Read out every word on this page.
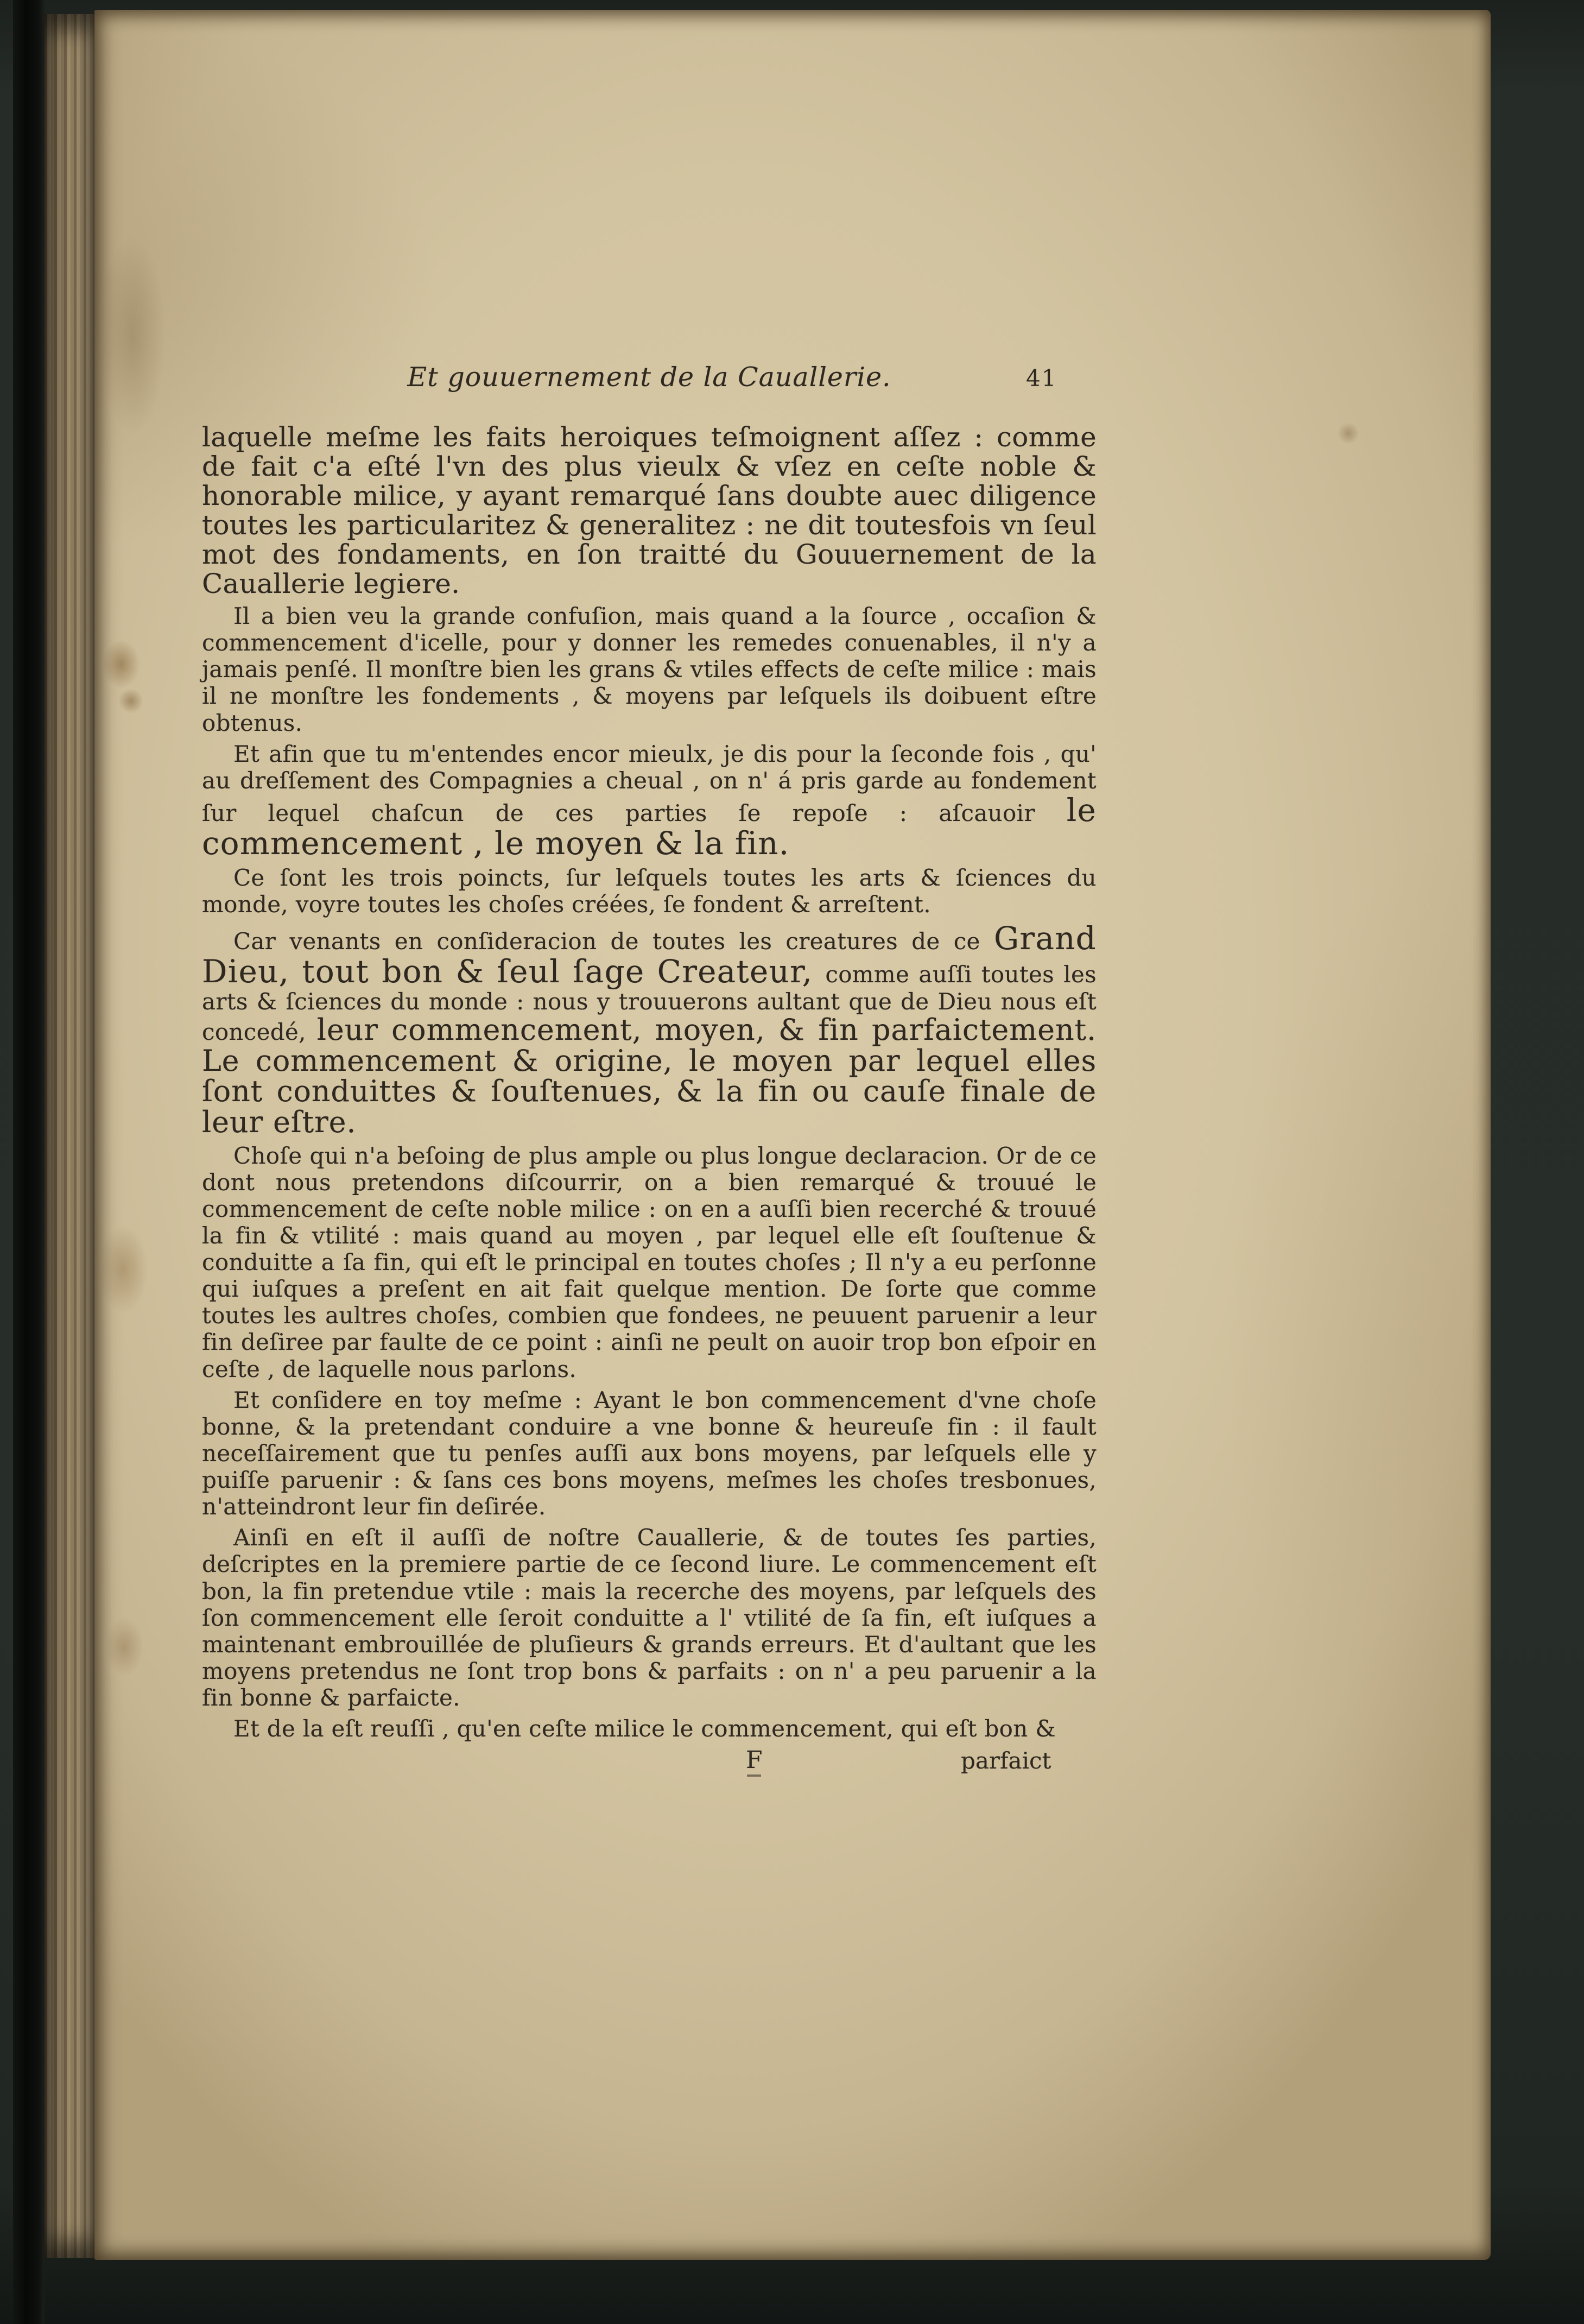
Et gouuernement de la Cauallerie.	41

laquelle meſme les faits heroiques teſmoignent aſſez : comme de fait c'a eſté l'vn des plus vieulx & vſez en ceſte noble & honorable milice, y ayant remarqué ſans doubte auec diligence toutes les particularitez & generalitez : ne dit toutesfois vn ſeul mot des fondaments, en ſon traitté du Gouuernement de la Cauallerie legiere.

Il a bien veu la grande confuſion, mais quand a la ſource , occaſion & commencement d'icelle, pour y donner les remedes conuenables, il n'y a jamais penſé. Il monſtre bien les grans & vtiles effects de ceſte milice : mais il ne monſtre les fondements , & moyens par leſquels ils doibuent eſtre obtenus.

Et afin que tu m'entendes encor mieulx, je dis pour la ſeconde fois , qu' au dreſſement des Compagnies a cheual , on n' á pris garde au fondement ſur lequel chaſcun de ces parties ſe repoſe : aſcauoir le commencement , le moyen & la fin.

Ce ſont les trois poincts, ſur leſquels toutes les arts & ſciences du monde, voyre toutes les choſes créées, ſe fondent & arreſtent.

Car venants en conſideracion de toutes les creatures de ce Grand Dieu, tout bon & ſeul ſage Createur, comme auſſi toutes les arts & ſciences du monde : nous y trouuerons aultant que de Dieu nous eſt concedé, leur commencement, moyen, & fin parfaictement. Le commencement & origine, le moyen par lequel elles ſont conduittes & ſouſtenues, & la fin ou cauſe finale de leur eſtre.

Choſe qui n'a beſoing de plus ample ou plus longue declaracion. Or de ce dont nous pretendons diſcourrir, on a bien remarqué & trouué le commencement de ceſte noble milice : on en a auſſi bien recerché & trouué la fin & vtilité : mais quand au moyen , par lequel elle eſt ſouſtenue & conduitte a ſa fin, qui eſt le principal en toutes choſes ; Il n'y a eu perſonne qui iuſques a preſent en ait fait quelque mention. De ſorte que comme toutes les aultres choſes, combien que fondees, ne peuuent paruenir a leur fin deſiree par faulte de ce point : ainſi ne peult on auoir trop bon eſpoir en ceſte , de laquelle nous parlons.

Et conſidere en toy meſme : Ayant le bon commencement d'vne choſe bonne, & la pretendant conduire a vne bonne & heureuſe fin : il fault neceſſairement que tu penſes auſſi aux bons moyens, par leſquels elle y puiſſe paruenir : & ſans ces bons moyens, meſmes les choſes tresbonues, n'atteindront leur fin deſirée.

Ainſi en eſt il auſſi de noſtre Cauallerie, & de toutes ſes parties, deſcriptes en la premiere partie de ce ſecond liure. Le commencement eſt bon, la fin pretendue vtile : mais la recerche des moyens, par leſquels des ſon commencement elle ſeroit conduitte a l' vtilité de ſa fin, eſt iuſques a maintenant embrouillée de pluſieurs & grands erreurs. Et d'aultant que les moyens pretendus ne ſont trop bons & parfaits : on n' a peu paruenir a la fin bonne & parfaicte.

Et de la eſt reuſſi , qu'en ceſte milice le commencement, qui eſt bon &

F	parfaict
